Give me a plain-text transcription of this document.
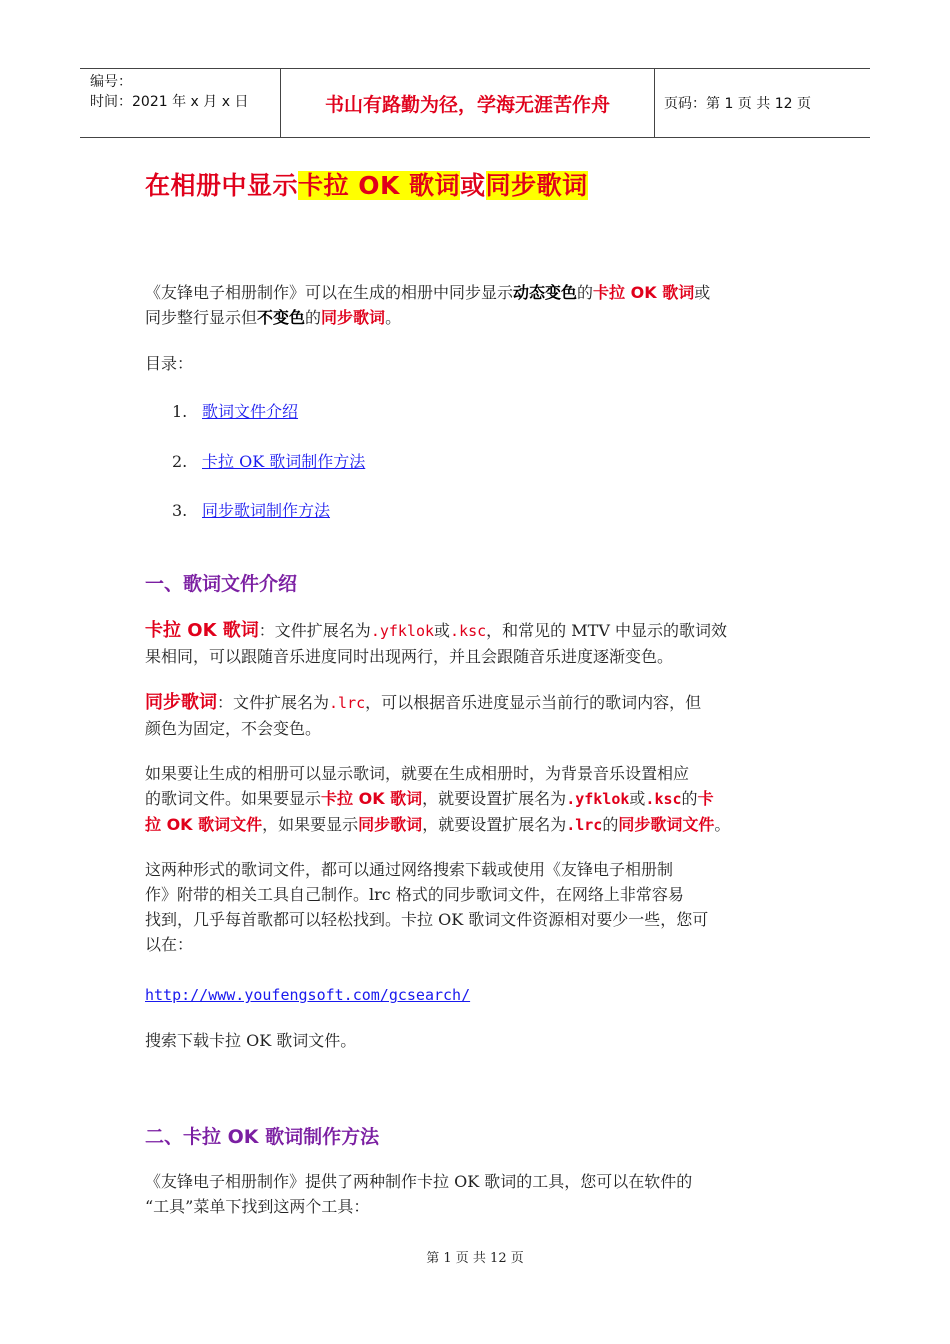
编号：
时间：2021 年 x 月 x 日	书山有路勤为径，学海无涯苦作舟	页码：第 1 页 共 12 页
在相册中显示卡拉 OK 歌词或同步歌词
《友锋电子相册制作》可以在生成的相册中同步显示动态变色的卡拉 OK 歌词或
同步整行显示但不变色的同步歌词。
目录：
1. 歌词文件介绍
2. 卡拉 OK 歌词制作方法
3. 同步歌词制作方法
一、歌词文件介绍
卡拉 OK 歌词：文件扩展名为.yfklok或.ksc，和常见的 MTV 中显示的歌词效
果相同，可以跟随音乐进度同时出现两行，并且会跟随音乐进度逐渐变色。
同步歌词：文件扩展名为.lrc，可以根据音乐进度显示当前行的歌词内容，但
颜色为固定，不会变色。
如果要让生成的相册可以显示歌词，就要在生成相册时，为背景音乐设置相应
的歌词文件。如果要显示卡拉 OK 歌词，就要设置扩展名为.yfklok或.ksc的卡
拉 OK 歌词文件，如果要显示同步歌词，就要设置扩展名为.lrc的同步歌词文件。
这两种形式的歌词文件，都可以通过网络搜索下载或使用《友锋电子相册制
作》附带的相关工具自己制作。lrc 格式的同步歌词文件，在网络上非常容易
找到，几乎每首歌都可以轻松找到。卡拉 OK 歌词文件资源相对要少一些，您可
以在：
http://www.youfengsoft.com/gcsearch/
搜索下载卡拉 OK 歌词文件。
二、卡拉 OK 歌词制作方法
《友锋电子相册制作》提供了两种制作卡拉 OK 歌词的工具，您可以在软件的
“工具”菜单下找到这两个工具：
第 1 页 共 12 页
